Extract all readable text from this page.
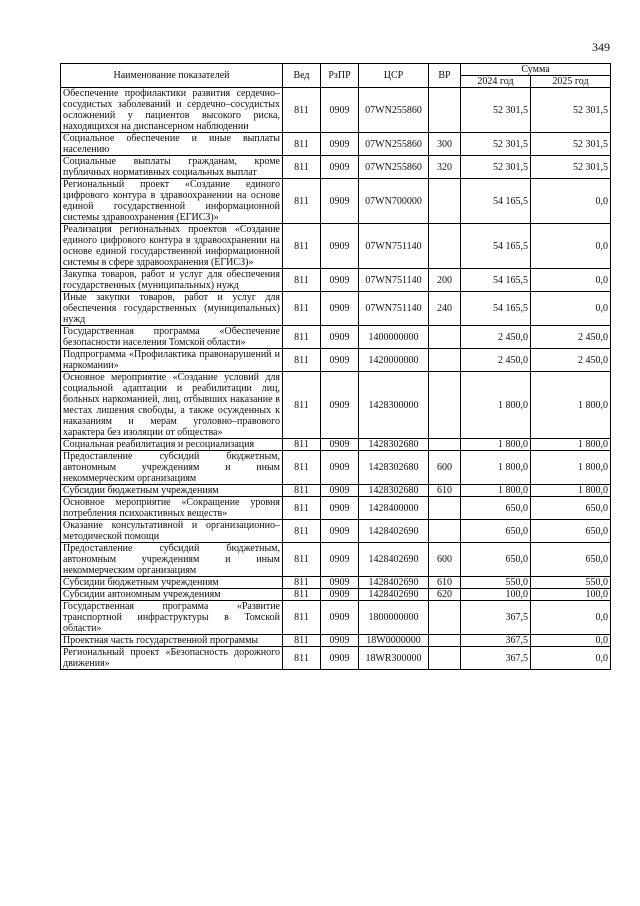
349
Наименование показателей	Вед	РзПР	ЦСР	ВР	Сумма	
					2024 год	2025 год
Обеспечение профилактики развития сердечно–сосудистых заболеваний и сердечно–сосудистых осложнений у пациентов высокого риска, находящихся на диспансерном наблюдении	811	0909	07WN255860		52 301,5	52 301,5
Социальное обеспечение и иные выплаты населению	811	0909	07WN255860	300	52 301,5	52 301,5
Социальные выплаты гражданам, кроме публичных нормативных социальных выплат	811	0909	07WN255860	320	52 301,5	52 301,5
Региональный проект «Создание единого цифрового контура в здравоохранении на основе единой государственной информационной системы здравоохранения (ЕГИСЗ)»	811	0909	07WN700000		54 165,5	0,0
Реализация региональных проектов «Создание единого цифрового контура в здравоохранении на основе единой государственной информационной системы в сфере здравоохранения (ЕГИСЗ)»	811	0909	07WN751140		54 165,5	0,0
Закупка товаров, работ и услуг для обеспечения государственных (муниципальных) нужд	811	0909	07WN751140	200	54 165,5	0,0
Иные закупки товаров, работ и услуг для обеспечения государственных (муниципальных) нужд	811	0909	07WN751140	240	54 165,5	0,0
Государственная программа «Обеспечение безопасности населения Томской области»	811	0909	1400000000		2 450,0	2 450,0
Подпрограмма «Профилактика правонарушений и наркомании»	811	0909	1420000000		2 450,0	2 450,0
Основное мероприятие «Создание условий для социальной адаптации и реабилитации лиц, больных наркоманией, лиц, отбывших наказание в местах лишения свободы, а также осужденных к наказаниям и мерам уголовно–правового характера без изоляции от общества»	811	0909	1428300000		1 800,0	1 800,0
Социальная реабилитация и ресоциализация	811	0909	1428302680		1 800,0	1 800,0
Предоставление субсидий бюджетным, автономным учреждениям и иным некоммерческим организациям	811	0909	1428302680	600	1 800,0	1 800,0
Субсидии бюджетным учреждениям	811	0909	1428302680	610	1 800,0	1 800,0
Основное мероприятие «Сокращение уровня потребления психоактивных веществ»	811	0909	1428400000		650,0	650,0
Оказание консультативной и организационно–методической помощи	811	0909	1428402690		650,0	650,0
Предоставление субсидий бюджетным, автономным учреждениям и иным некоммерческим организациям	811	0909	1428402690	600	650,0	650,0
Субсидии бюджетным учреждениям	811	0909	1428402690	610	550,0	550,0
Субсидии автономным учреждениям	811	0909	1428402690	620	100,0	100,0
Государственная программа «Развитие транспортной инфраструктуры в Томской области»	811	0909	1800000000		367,5	0,0
Проектная часть государственной программы	811	0909	18W0000000		367,5	0,0
Региональный проект «Безопасность дорожного движения»	811	0909	18WR300000		367,5	0,0
